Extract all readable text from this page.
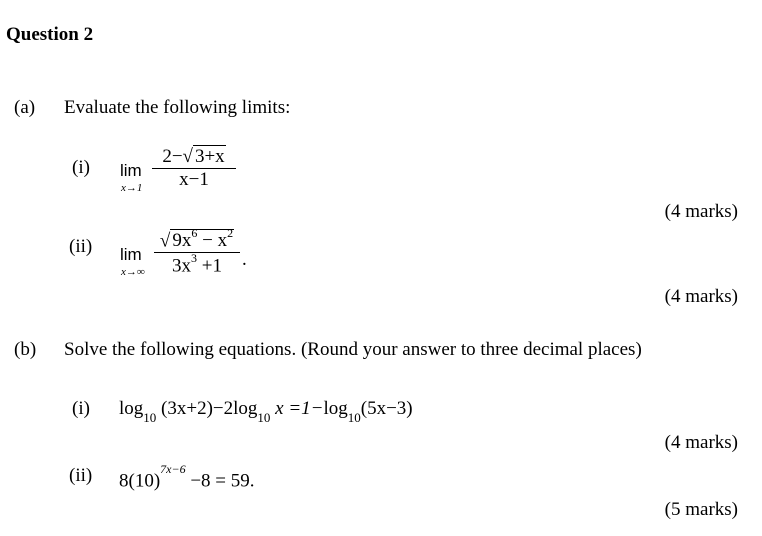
Question 2
(a) Evaluate the following limits:
(i) lim
x→1
2−√ 3+x
x−1
(4 marks)
(ii) lim
x→∞
√ $9x^6 - x^2$
$3x^3 +1$	.
(4 marks)
(b) Solve the following equations. (Round your answer to three decimal places)
(i) $\log_{10} (3x+2)-2\log_{10}$ $x =1-\log_{10}(5x-3)$
(4 marks)
(ii) $8(10)^{7x-6} -8 = 59$.
(5 marks)
